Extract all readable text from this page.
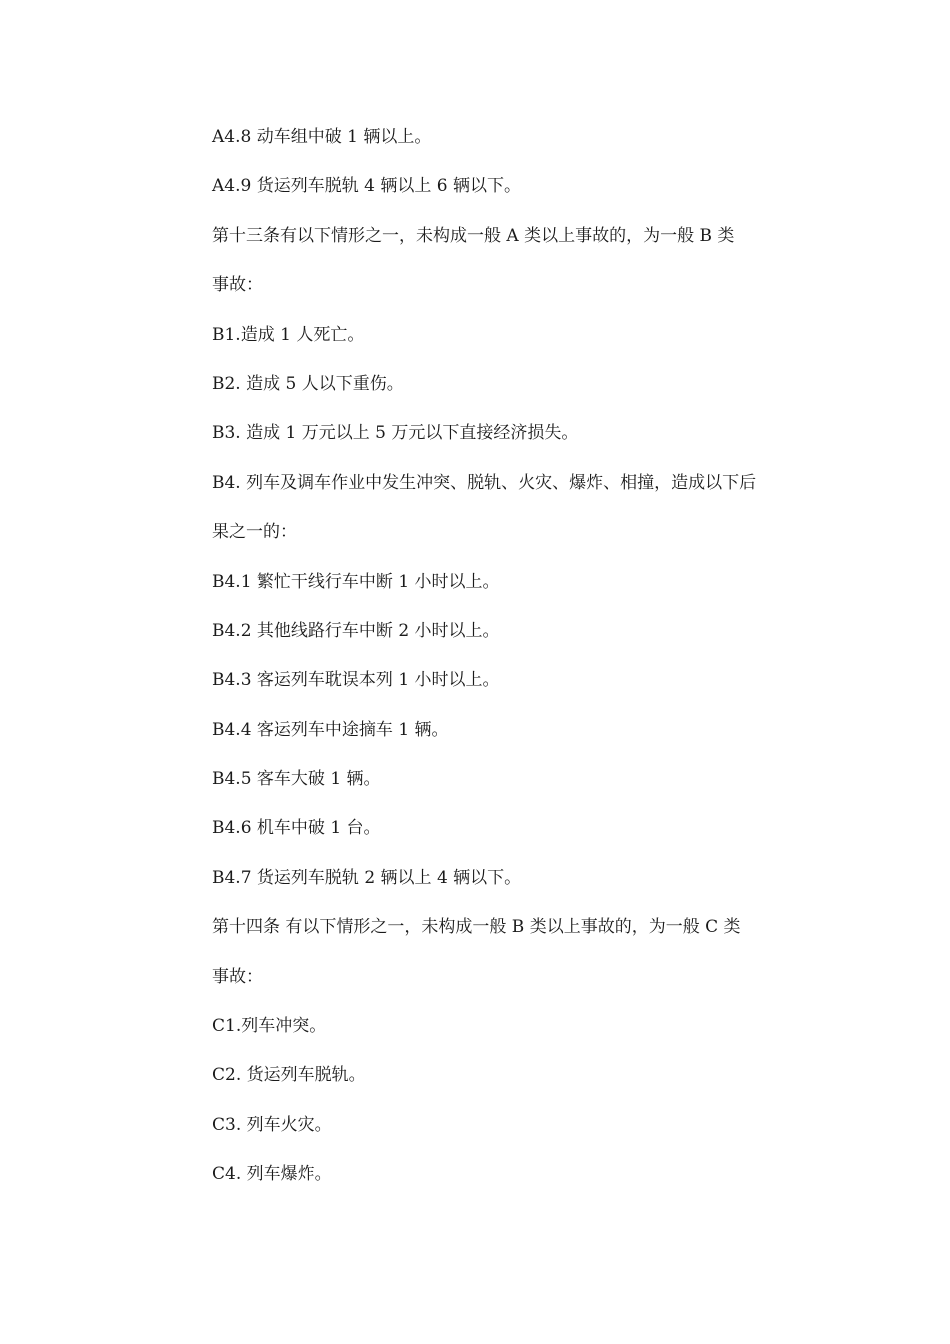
A4.8 动车组中破 1 辆以上。

A4.9 货运列车脱轨 4 辆以上 6 辆以下。

第十三条有以下情形之一，未构成一般 A 类以上事故的，为一般 B 类

事故：

B1.造成 1 人死亡。

B2. 造成 5 人以下重伤。

B3. 造成 1 万元以上 5 万元以下直接经济损失。

B4. 列车及调车作业中发生冲突、脱轨、火灾、爆炸、相撞，造成以下后

果之一的：

B4.1 繁忙干线行车中断 1 小时以上。

B4.2 其他线路行车中断 2 小时以上。

B4.3 客运列车耽误本列 1 小时以上。

B4.4 客运列车中途摘车 1 辆。

B4.5 客车大破 1 辆。

B4.6 机车中破 1 台。

B4.7 货运列车脱轨 2 辆以上 4 辆以下。

第十四条 有以下情形之一，未构成一般 B 类以上事故的，为一般 C 类

事故：

C1.列车冲突。

C2. 货运列车脱轨。

C3. 列车火灾。

C4. 列车爆炸。
